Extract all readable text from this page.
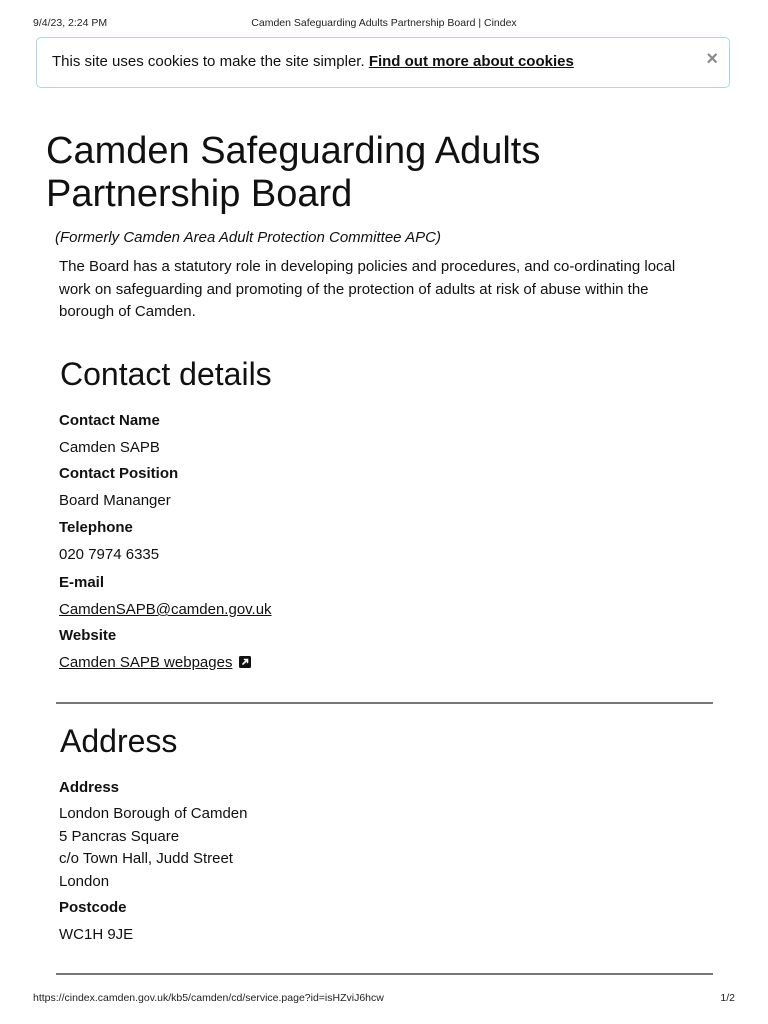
9/4/23, 2:24 PM	Camden Safeguarding Adults Partnership Board | Cindex
This site uses cookies to make the site simpler. Find out more about cookies	×
Camden Safeguarding Adults
Partnership Board

(Formerly Camden Area Adult Protection Committee APC)

The Board has a statutory role in developing policies and procedures, and co-ordinating local
work on safeguarding and promoting of the protection of adults at risk of abuse within the
borough of Camden.

Contact details
Contact Name
Camden SAPB
Contact Position
Board Mananger
Telephone
020 7974 6335
E-mail
CamdenSAPB@camden.gov.uk
Website
Camden SAPB webpages
Address
Address
London Borough of Camden
5 Pancras Square
c/o Town Hall, Judd Street
London
Postcode
WC1H 9JE
https://cindex.camden.gov.uk/kb5/camden/cd/service.page?id=isHZviJ6hcw	1/2
